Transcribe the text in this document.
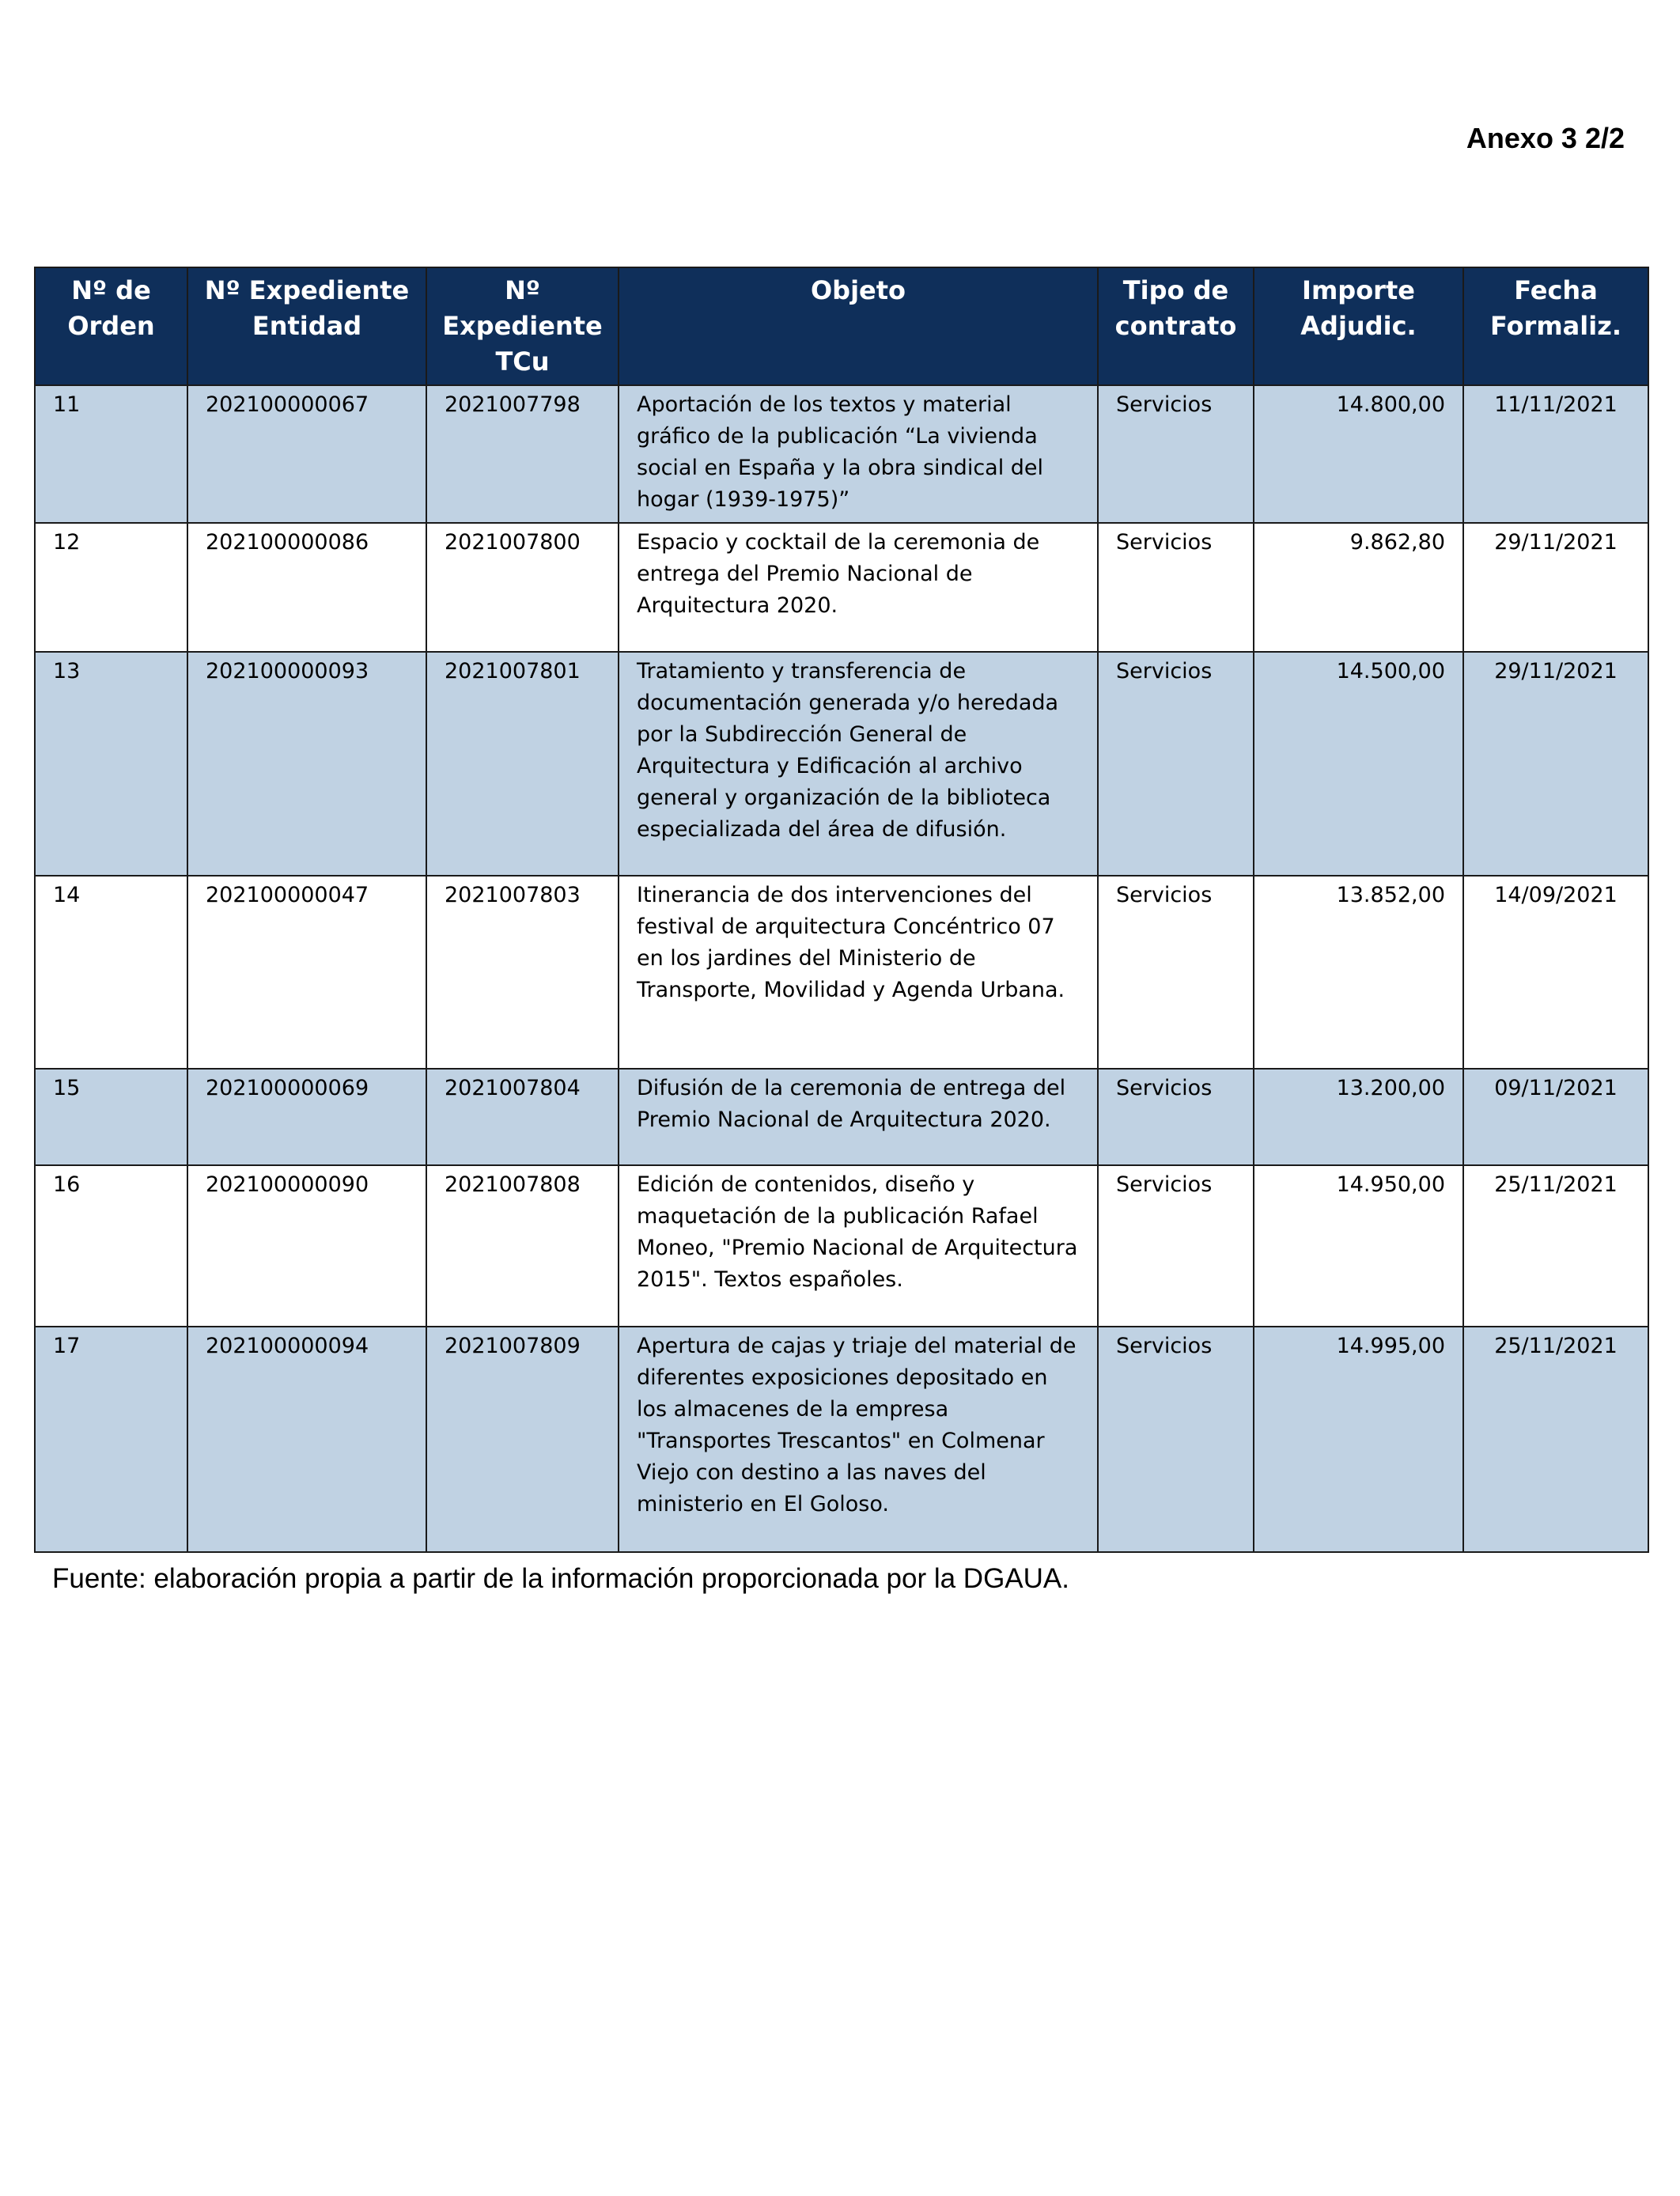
Anexo 3 2/2
Nº de Orden	Nº Expediente Entidad	Nº Expediente TCu	Objeto	Tipo de contrato	Importe Adjudic.	Fecha Formaliz.
11	202100000067	2021007798	Aportación de los textos y material gráfico de la publicación “La vivienda social en España y la obra sindical del hogar (1939-1975)”	Servicios	14.800,00	11/11/2021
12	202100000086	2021007800	Espacio y cocktail de la ceremonia de entrega del Premio Nacional de Arquitectura 2020.	Servicios	9.862,80	29/11/2021
13	202100000093	2021007801	Tratamiento y transferencia de documentación generada y/o heredada por la Subdirección General de Arquitectura y Edificación al archivo general y organización de la biblioteca especializada del área de difusión.	Servicios	14.500,00	29/11/2021
14	202100000047	2021007803	Itinerancia de dos intervenciones del festival de arquitectura Concéntrico 07 en los jardines del Ministerio de Transporte, Movilidad y Agenda Urbana.	Servicios	13.852,00	14/09/2021
15	202100000069	2021007804	Difusión de la ceremonia de entrega del Premio Nacional de Arquitectura 2020.	Servicios	13.200,00	09/11/2021
16	202100000090	2021007808	Edición de contenidos, diseño y maquetación de la publicación Rafael Moneo, "Premio Nacional de Arquitectura 2015". Textos españoles.	Servicios	14.950,00	25/11/2021
17	202100000094	2021007809	Apertura de cajas y triaje del material de diferentes exposiciones depositado en los almacenes de la empresa "Transportes Trescantos" en Colmenar Viejo con destino a las naves del ministerio en El Goloso.	Servicios	14.995,00	25/11/2021
Fuente: elaboración propia a partir de la información proporcionada por la DGAUA.
